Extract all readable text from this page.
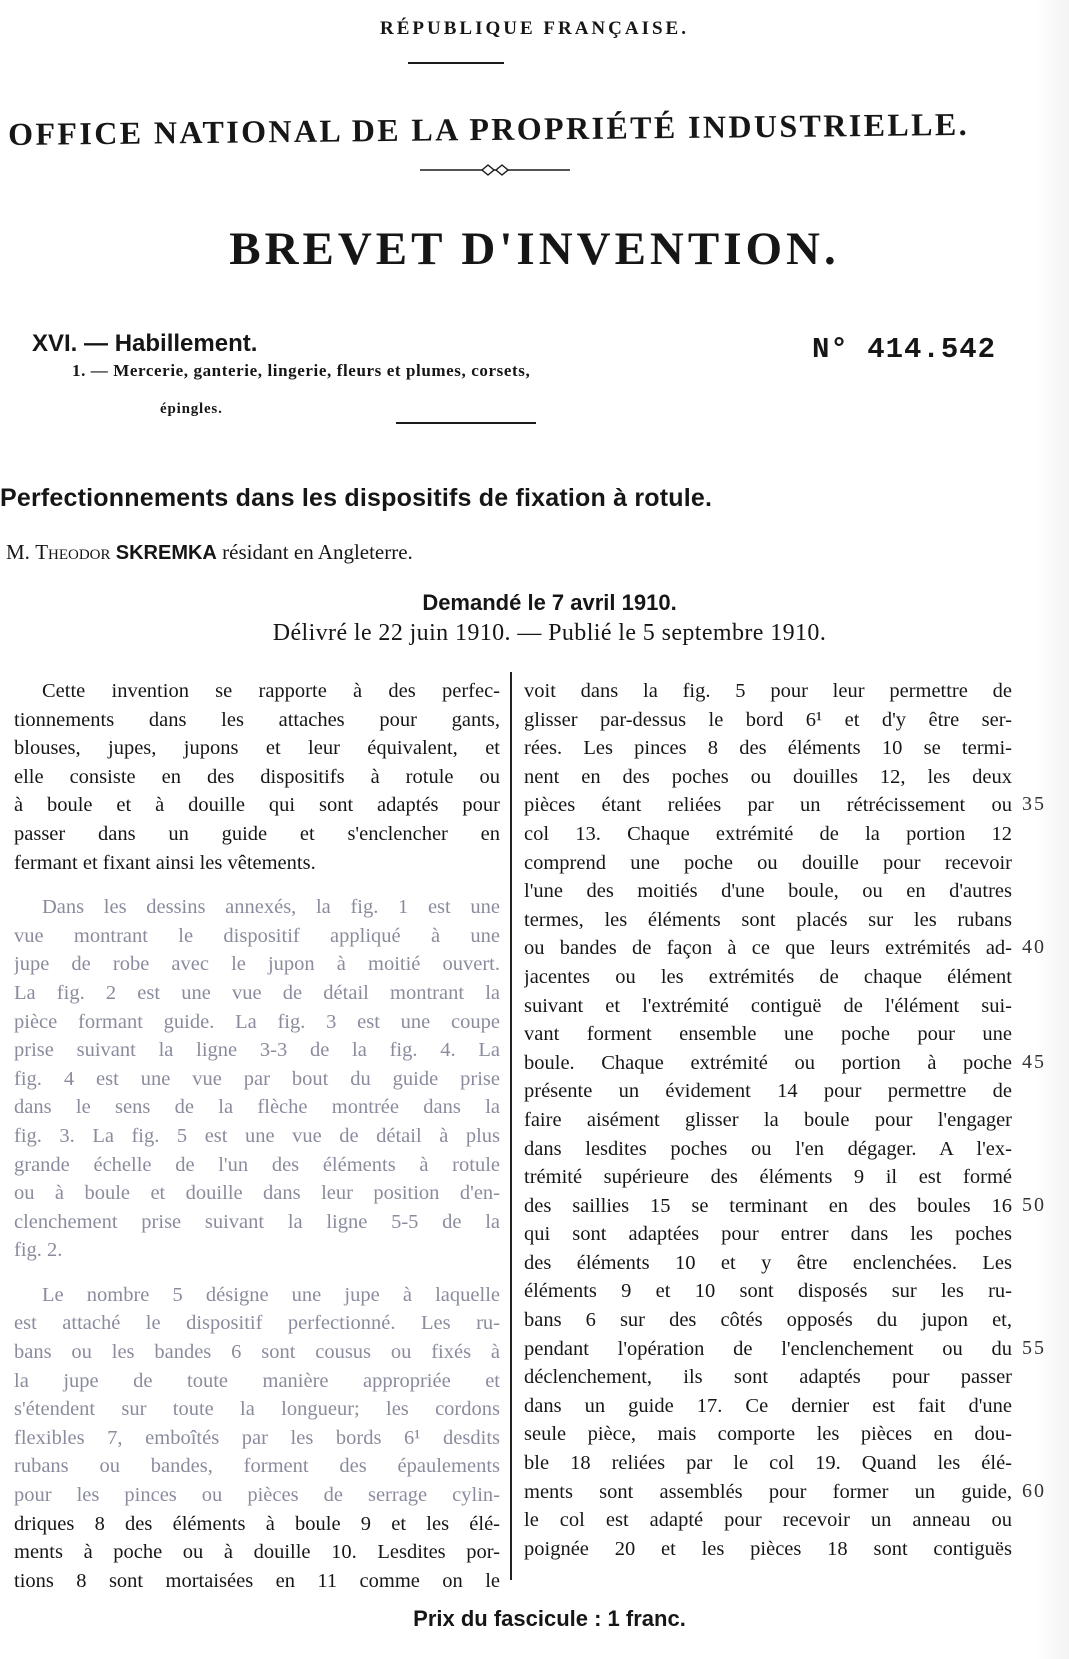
RÉPUBLIQUE FRANÇAISE.
OFFICE NATIONAL DE LA PROPRIÉTÉ INDUSTRIELLE.
BREVET D'INVENTION.
XVI. — Habillement.
1. — Mercerie, ganterie, lingerie, fleurs et plumes, corsets,
épingles.
N° 414.542
Perfectionnements dans les dispositifs de fixation à rotule.
M. Theodor SKREMKA résidant en Angleterre.
Demandé le 7 avril 1910.
Délivré le 22 juin 1910. — Publié le 5 septembre 1910.
Cette invention se rapporte à des perfec-
tionnements dans les attaches pour gants,
blouses, jupes, jupons et leur équivalent, et
elle consiste en des dispositifs à rotule ou
à boule et à douille qui sont adaptés pour
passer dans un guide et s'enclencher en
fermant et fixant ainsi les vêtements.
Dans les dessins annexés, la fig. 1 est une
vue montrant le dispositif appliqué à une
jupe de robe avec le jupon à moitié ouvert.
La fig. 2 est une vue de détail montrant la
pièce formant guide. La fig. 3 est une coupe
prise suivant la ligne 3-3 de la fig. 4. La
fig. 4 est une vue par bout du guide prise
dans le sens de la flèche montrée dans la
fig. 3. La fig. 5 est une vue de détail à plus
grande échelle de l'un des éléments à rotule
ou à boule et douille dans leur position d'en-
clenchement prise suivant la ligne 5-5 de la
fig. 2.
Le nombre 5 désigne une jupe à laquelle
est attaché le dispositif perfectionné. Les ru-
bans ou les bandes 6 sont cousus ou fixés à
la jupe de toute manière appropriée et
s'étendent sur toute la longueur; les cordons
flexibles 7, emboîtés par les bords 6¹ desdits
rubans ou bandes, forment des épaulements
pour les pinces ou pièces de serrage cylin-
driques 8 des éléments à boule 9 et les élé-
ments à poche ou à douille 10. Lesdites por-
tions 8 sont mortaisées en 11 comme on le
voit dans la fig. 5 pour leur permettre de
glisser par-dessus le bord 6¹ et d'y être ser-
rées. Les pinces 8 des éléments 10 se termi-
nent en des poches ou douilles 12, les deux
pièces étant reliées par un rétrécissement ou
col 13. Chaque extrémité de la portion 12
comprend une poche ou douille pour recevoir
l'une des moitiés d'une boule, ou en d'autres
termes, les éléments sont placés sur les rubans
ou bandes de façon à ce que leurs extrémités ad-
jacentes ou les extrémités de chaque élément
suivant et l'extrémité contiguë de l'élément sui-
vant forment ensemble une poche pour une
boule. Chaque extrémité ou portion à poche
présente un évidement 14 pour permettre de
faire aisément glisser la boule pour l'engager
dans lesdites poches ou l'en dégager. A l'ex-
trémité supérieure des éléments 9 il est formé
des saillies 15 se terminant en des boules 16
qui sont adaptées pour entrer dans les poches
des éléments 10 et y être enclenchées. Les
éléments 9 et 10 sont disposés sur les ru-
bans 6 sur des côtés opposés du jupon et,
pendant l'opération de l'enclenchement ou du
déclenchement, ils sont adaptés pour passer
dans un guide 17. Ce dernier est fait d'une
seule pièce, mais comporte les pièces en dou-
ble 18 reliées par le col 19. Quand les élé-
ments sont assemblés pour former un guide,
le col est adapté pour recevoir un anneau ou
poignée 20 et les pièces 18 sont contiguës
35
40
45
50
55
60
Prix du fascicule : 1 franc.
